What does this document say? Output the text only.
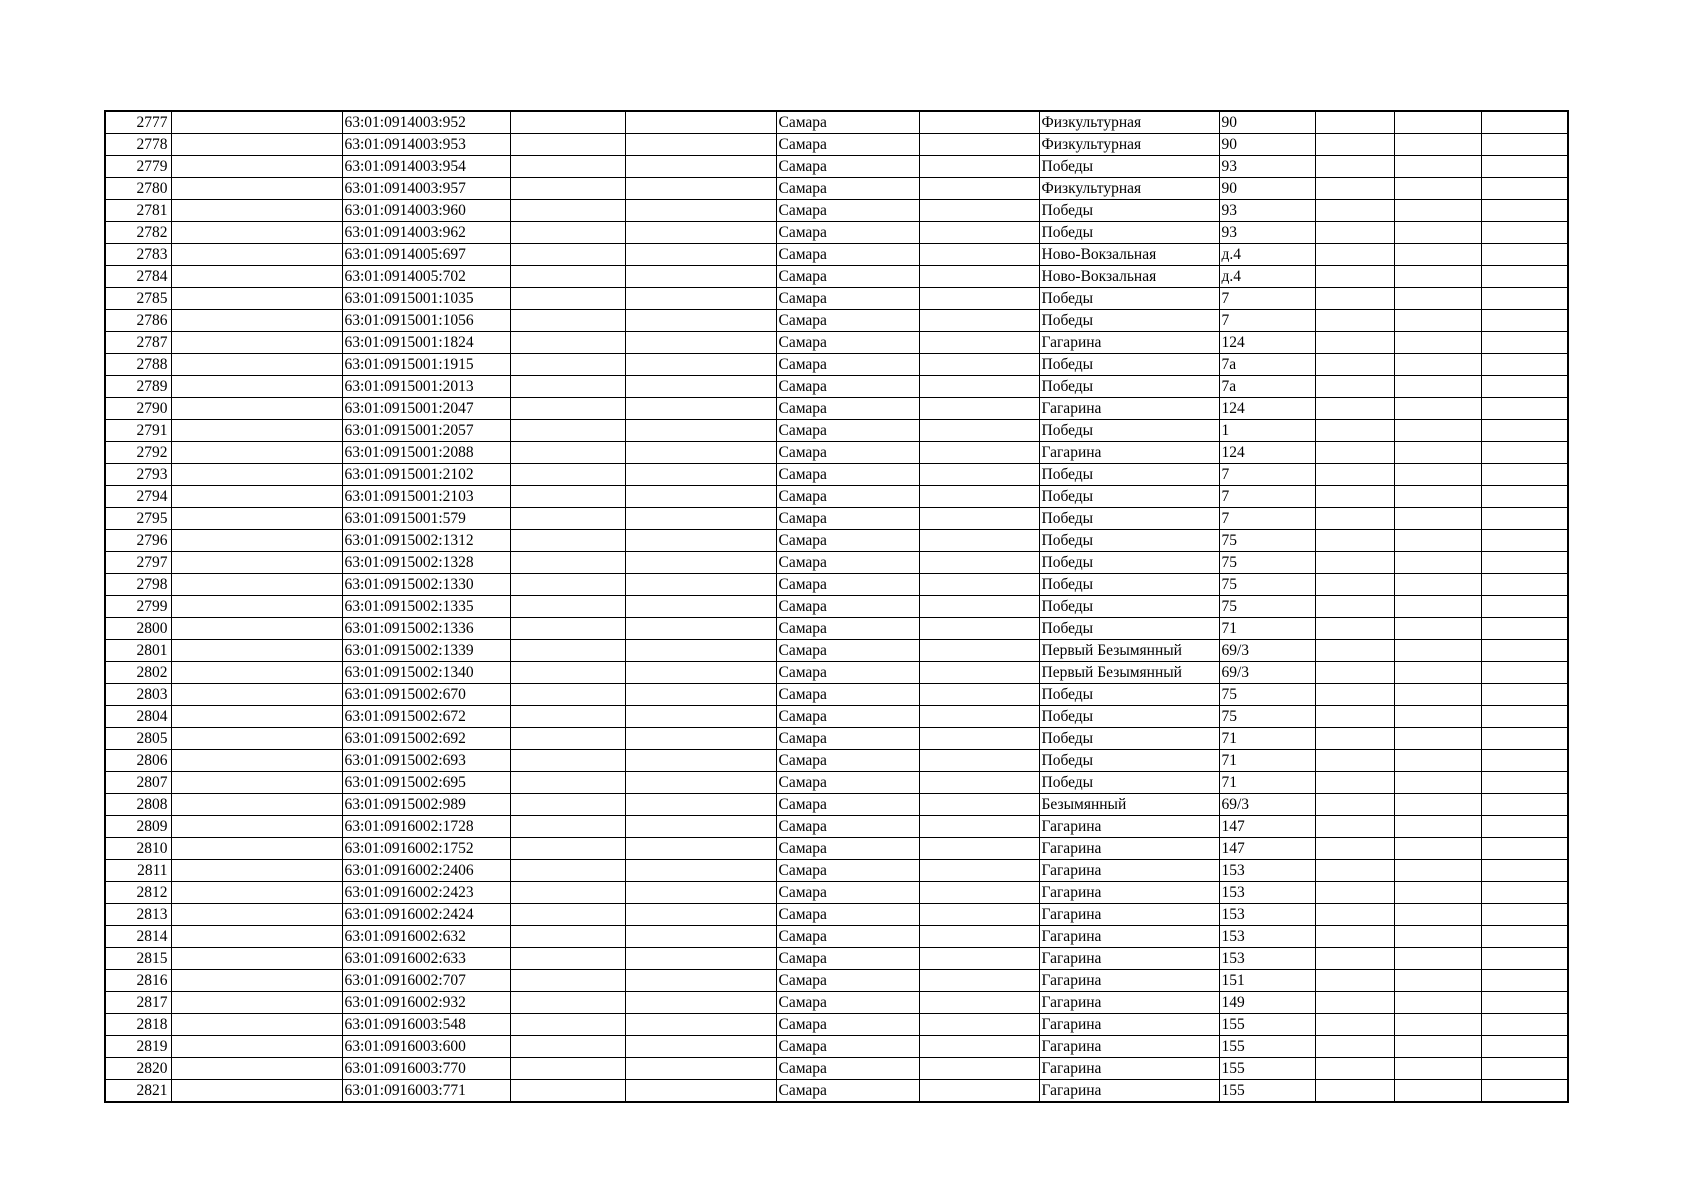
2777		63:01:0914003:952			Самара		Физкультурная	90			
2778		63:01:0914003:953			Самара		Физкультурная	90			
2779		63:01:0914003:954			Самара		Победы	93			
2780		63:01:0914003:957			Самара		Физкультурная	90			
2781		63:01:0914003:960			Самара		Победы	93			
2782		63:01:0914003:962			Самара		Победы	93			
2783		63:01:0914005:697			Самара		Ново-Вокзальная	д.4			
2784		63:01:0914005:702			Самара		Ново-Вокзальная	д.4			
2785		63:01:0915001:1035			Самара		Победы	7			
2786		63:01:0915001:1056			Самара		Победы	7			
2787		63:01:0915001:1824			Самара		Гагарина	124			
2788		63:01:0915001:1915			Самара		Победы	7а			
2789		63:01:0915001:2013			Самара		Победы	7а			
2790		63:01:0915001:2047			Самара		Гагарина	124			
2791		63:01:0915001:2057			Самара		Победы	1			
2792		63:01:0915001:2088			Самара		Гагарина	124			
2793		63:01:0915001:2102			Самара		Победы	7			
2794		63:01:0915001:2103			Самара		Победы	7			
2795		63:01:0915001:579			Самара		Победы	7			
2796		63:01:0915002:1312			Самара		Победы	75			
2797		63:01:0915002:1328			Самара		Победы	75			
2798		63:01:0915002:1330			Самара		Победы	75			
2799		63:01:0915002:1335			Самара		Победы	75			
2800		63:01:0915002:1336			Самара		Победы	71			
2801		63:01:0915002:1339			Самара		Первый Безымянный	69/3			
2802		63:01:0915002:1340			Самара		Первый Безымянный	69/3			
2803		63:01:0915002:670			Самара		Победы	75			
2804		63:01:0915002:672			Самара		Победы	75			
2805		63:01:0915002:692			Самара		Победы	71			
2806		63:01:0915002:693			Самара		Победы	71			
2807		63:01:0915002:695			Самара		Победы	71			
2808		63:01:0915002:989			Самара		Безымянный	69/3			
2809		63:01:0916002:1728			Самара		Гагарина	147			
2810		63:01:0916002:1752			Самара		Гагарина	147			
2811		63:01:0916002:2406			Самара		Гагарина	153			
2812		63:01:0916002:2423			Самара		Гагарина	153			
2813		63:01:0916002:2424			Самара		Гагарина	153			
2814		63:01:0916002:632			Самара		Гагарина	153			
2815		63:01:0916002:633			Самара		Гагарина	153			
2816		63:01:0916002:707			Самара		Гагарина	151			
2817		63:01:0916002:932			Самара		Гагарина	149			
2818		63:01:0916003:548			Самара		Гагарина	155			
2819		63:01:0916003:600			Самара		Гагарина	155			
2820		63:01:0916003:770			Самара		Гагарина	155			
2821		63:01:0916003:771			Самара		Гагарина	155			
